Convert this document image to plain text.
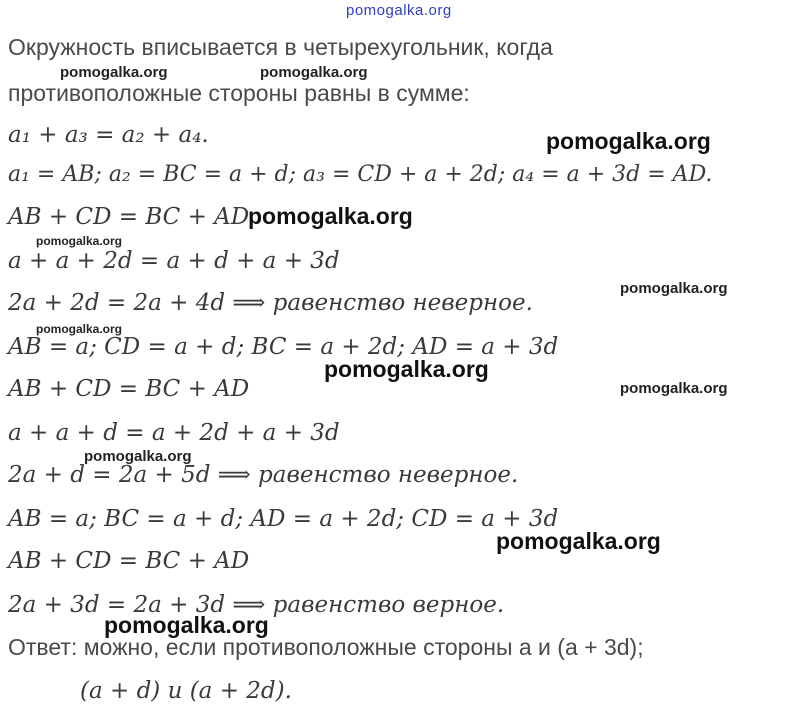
pomogalka.org
Окружность вписывается в четырехугольник, когда
противоположные стороны равны в сумме:
a₁ + a₃ = a₂ + a₄.
a₁ = AB; a₂ = BC = a + d; a₃ = CD + a + 2d; a₄ = a + 3d = AD.
AB + CD = BC + AD
a + a + 2d = a + d + a + 3d
2a + 2d = 2a + 4d ⟹ равенство неверное.
AB = a; CD = a + d; BC = a + 2d; AD = a + 3d
AB + CD = BC + AD
a + a + d = a + 2d + a + 3d
2a + d = 2a + 5d ⟹ равенство неверное.
AB = a; BC = a + d; AD = a + 2d; CD = a + 3d
AB + CD = BC + AD
2a + 3d = 2a + 3d ⟹ равенство верное.
Ответ: можно, если противоположные стороны a и (a + 3d);
(a + d) и (a + 2d).
pomogalka.org	pomogalka.org
pomogalka.org
pomogalka.org
pomogalka.org
pomogalka.org
pomogalka.org
pomogalka.org
pomogalka.org
pomogalka.org
pomogalka.org
pomogalka.org
